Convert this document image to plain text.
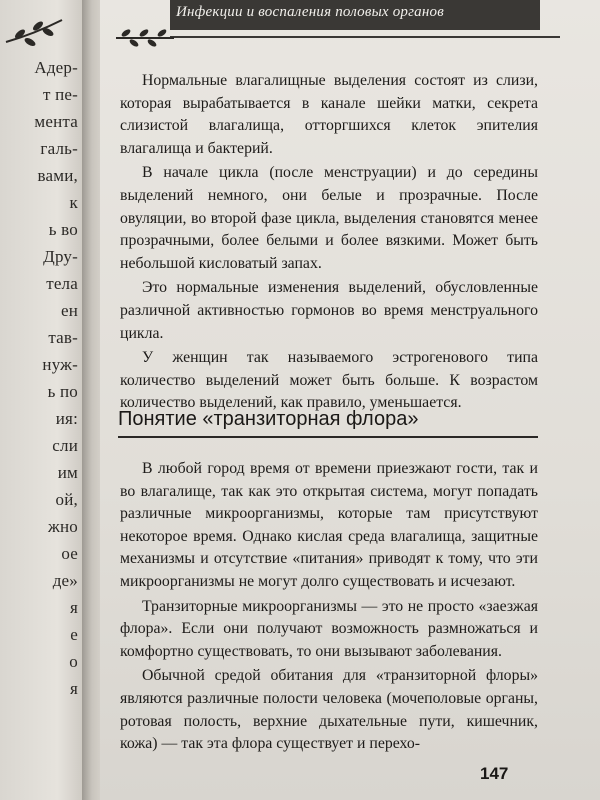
Адер-
т пе-
мента
галь-
вами,
к
ь во
Дру-
тела
ен
тав-
нуж-
ь по
ия:
сли
им
ой,
жно
ое
де»
я
е
о
я
Инфекции и воспаления половых органов

Нормальные влагалищные выделения состоят из слизи, которая вырабатывается в канале шейки матки, секрета слизистой влагалища, отторгшихся клеток эпителия влагалища и бактерий.

В начале цикла (после менструации) и до середины выделений немного, они белые и прозрачные. После овуляции, во второй фазе цикла, выделения становятся менее прозрачными, более белыми и более вязкими. Может быть небольшой кисловатый запах.

Это нормальные изменения выделений, обусловленные различной активностью гормонов во время менструального цикла.

У женщин так называемого эстрогенового типа количество выделений может быть больше. К возрастом количество выделений, как правило, уменьшается.

Понятие «транзиторная флора»

В любой город время от времени приезжают гости, так и во влагалище, так как это открытая система, могут попадать различные микроорганизмы, которые там присутствуют некоторое время. Однако кислая среда влагалища, защитные механизмы и отсутствие «питания» приводят к тому, что эти микроорганизмы не могут долго существовать и исчезают.

Транзиторные микроорганизмы — это не просто «заезжая флора». Если они получают возможность размножаться и комфортно существовать, то они вызывают заболевания.

Обычной средой обитания для «транзиторной флоры» являются различные полости человека (мочеполовые органы, ротовая полость, верхние дыхательные пути, кишечник, кожа) — так эта флора существует и перехо-

147
